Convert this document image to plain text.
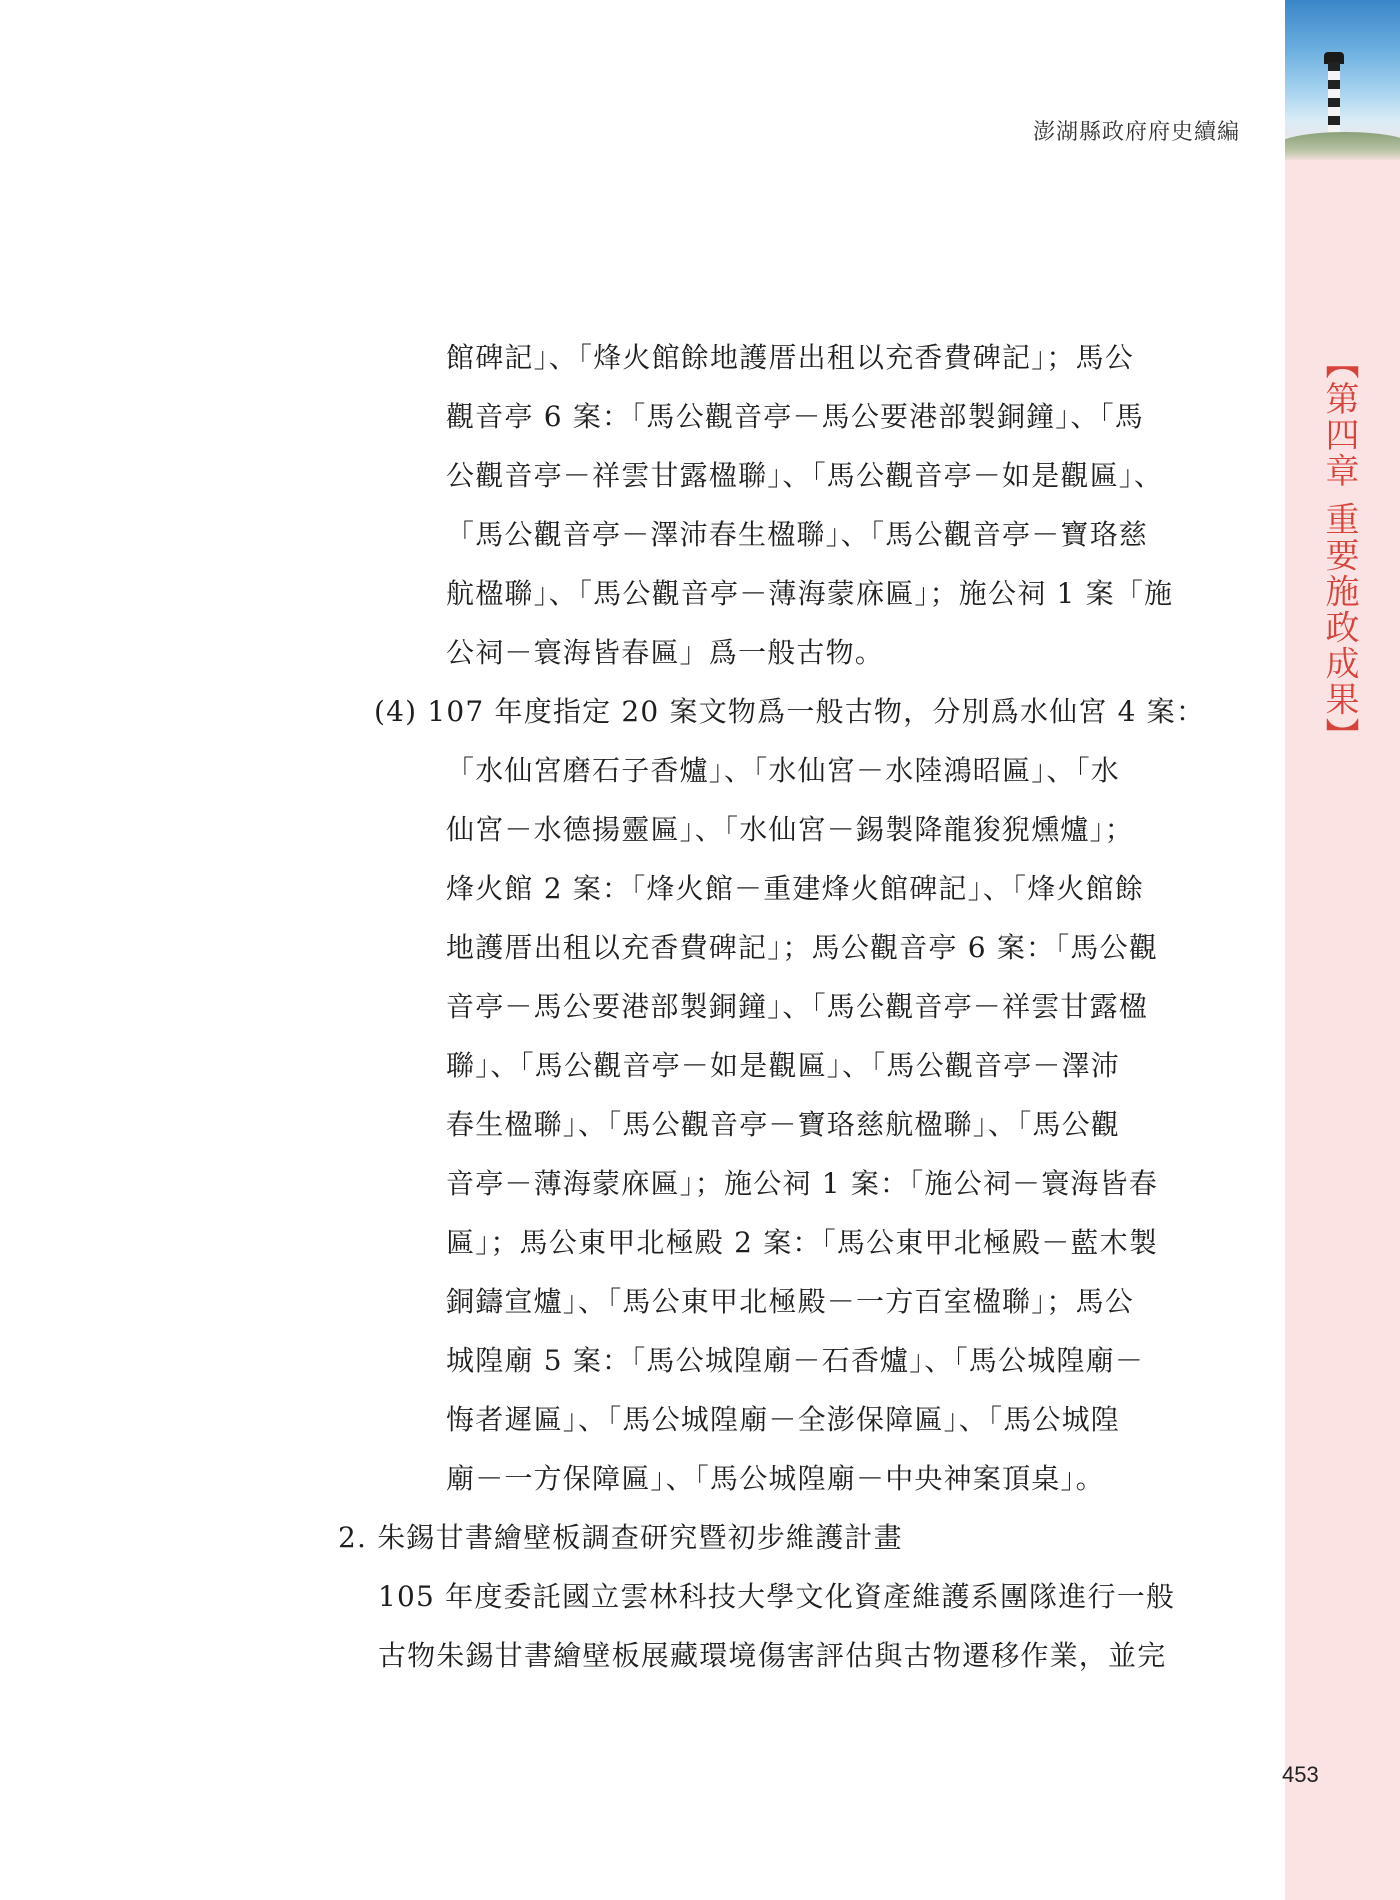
【第四章 重要施政成果】
澎湖縣政府府史續編
館碑記」、「烽火館餘地護厝出租以充香費碑記」；馬公
觀音亭 6 案：「馬公觀音亭－馬公要港部製銅鐘」、「馬
公觀音亭－祥雲甘露楹聯」、「馬公觀音亭－如是觀匾」、
「馬公觀音亭－澤沛春生楹聯」、「馬公觀音亭－寶珞慈
航楹聯」、「馬公觀音亭－薄海蒙庥匾」；施公祠 1 案「施
公祠－寰海皆春匾」爲一般古物。
(4) 107 年度指定 20 案文物爲一般古物，分別爲水仙宮 4 案：
「水仙宮磨石子香爐」、「水仙宮－水陸鴻昭匾」、「水
仙宮－水德揚靈匾」、「水仙宮－錫製降龍狻猊燻爐」；
烽火館 2 案：「烽火館－重建烽火館碑記」、「烽火館餘
地護厝出租以充香費碑記」；馬公觀音亭 6 案：「馬公觀
音亭－馬公要港部製銅鐘」、「馬公觀音亭－祥雲甘露楹
聯」、「馬公觀音亭－如是觀匾」、「馬公觀音亭－澤沛
春生楹聯」、「馬公觀音亭－寶珞慈航楹聯」、「馬公觀
音亭－薄海蒙庥匾」；施公祠 1 案：「施公祠－寰海皆春
匾」；馬公東甲北極殿 2 案：「馬公東甲北極殿－藍木製
銅鑄宣爐」、「馬公東甲北極殿－一方百室楹聯」；馬公
城隍廟 5 案：「馬公城隍廟－石香爐」、「馬公城隍廟－
悔者遲匾」、「馬公城隍廟－全澎保障匾」、「馬公城隍
廟－一方保障匾」、「馬公城隍廟－中央神案頂桌」。
2. 朱錫甘書繪壁板調查研究暨初步維護計畫
105 年度委託國立雲林科技大學文化資產維護系團隊進行一般
古物朱錫甘書繪壁板展藏環境傷害評估與古物遷移作業，並完
453
